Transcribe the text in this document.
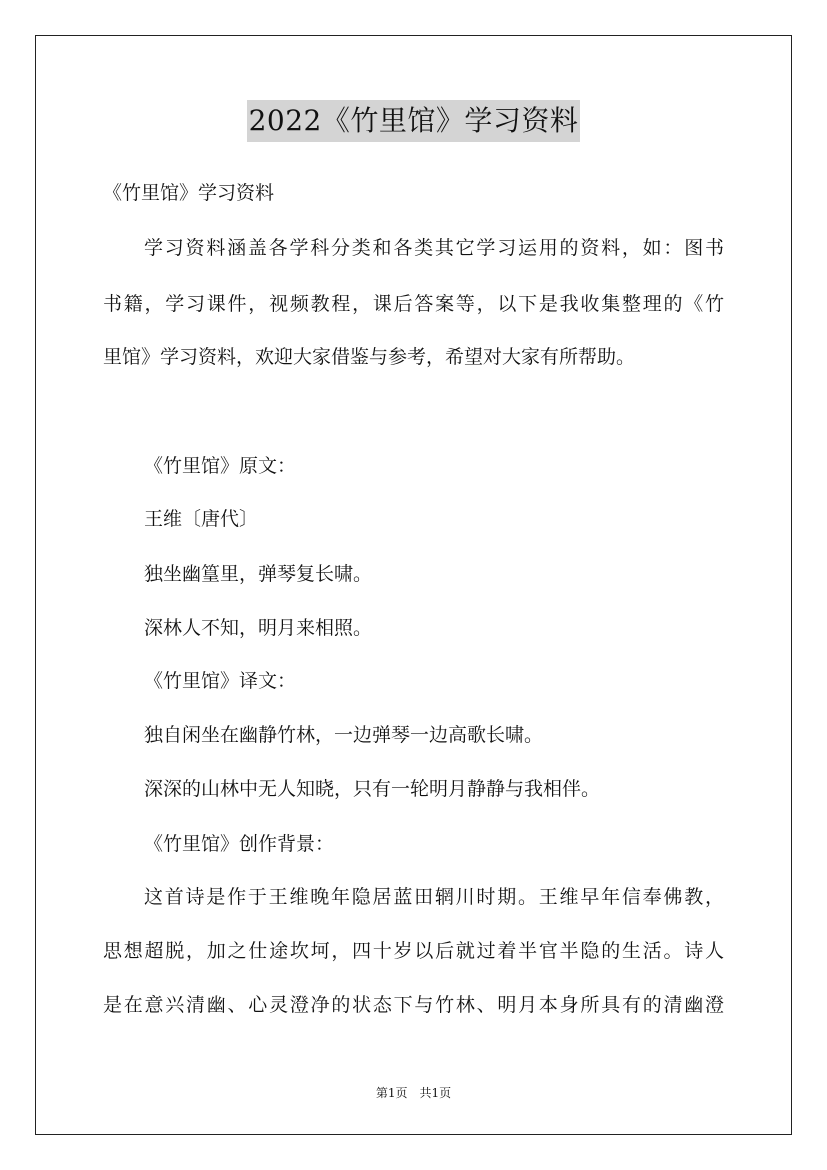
2022《竹里馆》学习资料
《竹里馆》学习资料
学习资料涵盖各学科分类和各类其它学习运用的资料，如：图书
书籍，学习课件，视频教程，课后答案等，以下是我收集整理的《竹
里馆》学习资料，欢迎大家借鉴与参考，希望对大家有所帮助。
《竹里馆》原文：
王维〔唐代〕
独坐幽篁里，弹琴复长啸。
深林人不知，明月来相照。
《竹里馆》译文：
独自闲坐在幽静竹林，一边弹琴一边高歌长啸。
深深的山林中无人知晓，只有一轮明月静静与我相伴。
《竹里馆》创作背景：
这首诗是作于王维晚年隐居蓝田辋川时期。王维早年信奉佛教，
思想超脱，加之仕途坎坷，四十岁以后就过着半官半隐的生活。诗人
是在意兴清幽、心灵澄净的状态下与竹林、明月本身所具有的清幽澄
第1页　共1页
